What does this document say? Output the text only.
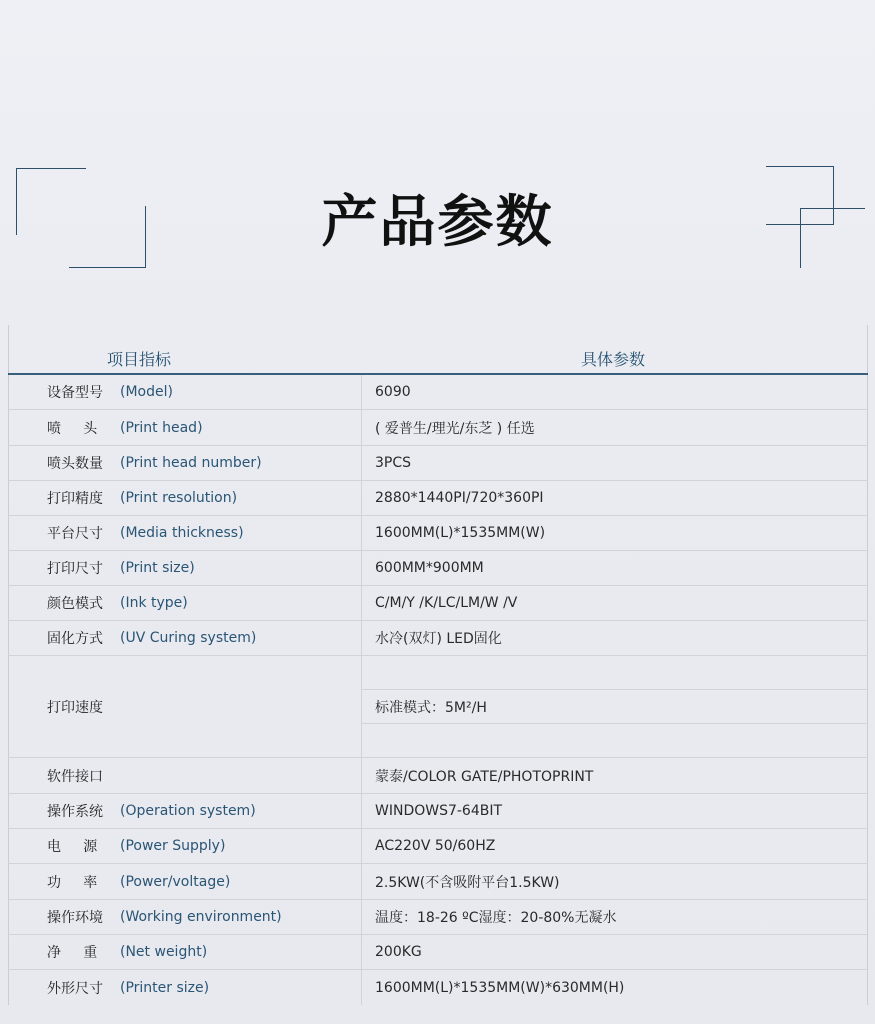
产品参数
项目指标	具体参数
设备型号 (Model)	6090
喷     头 (Print head)	( 爱普生/理光/东芝 ) 任选
喷头数量 (Print head number)	3PCS
打印精度 (Print resolution)	2880*1440PI/720*360PI
平台尺寸 (Media thickness)	1600MM(L)*1535MM(W)
打印尺寸 (Print size)	600MM*900MM
颜色模式 (Ink type)	C/M/Y /K/LC/LM/W /V
固化方式 (UV Curing system)	水冷(双灯) LED固化
打印速度	标准模式：5M²/H
软件接口	蒙泰/COLOR GATE/PHOTOPRINT
操作系统 (Operation system)	WINDOWS7-64BIT
电     源 (Power Supply)	AC220V 50/60HZ
功     率 (Power/voltage)	2.5KW(不含吸附平台1.5KW)
操作环境 (Working environment)	温度：18-26 ºC湿度：20-80%无凝水
净     重 (Net weight)	200KG
外形尺寸 (Printer size)	1600MM(L)*1535MM(W)*630MM(H)
